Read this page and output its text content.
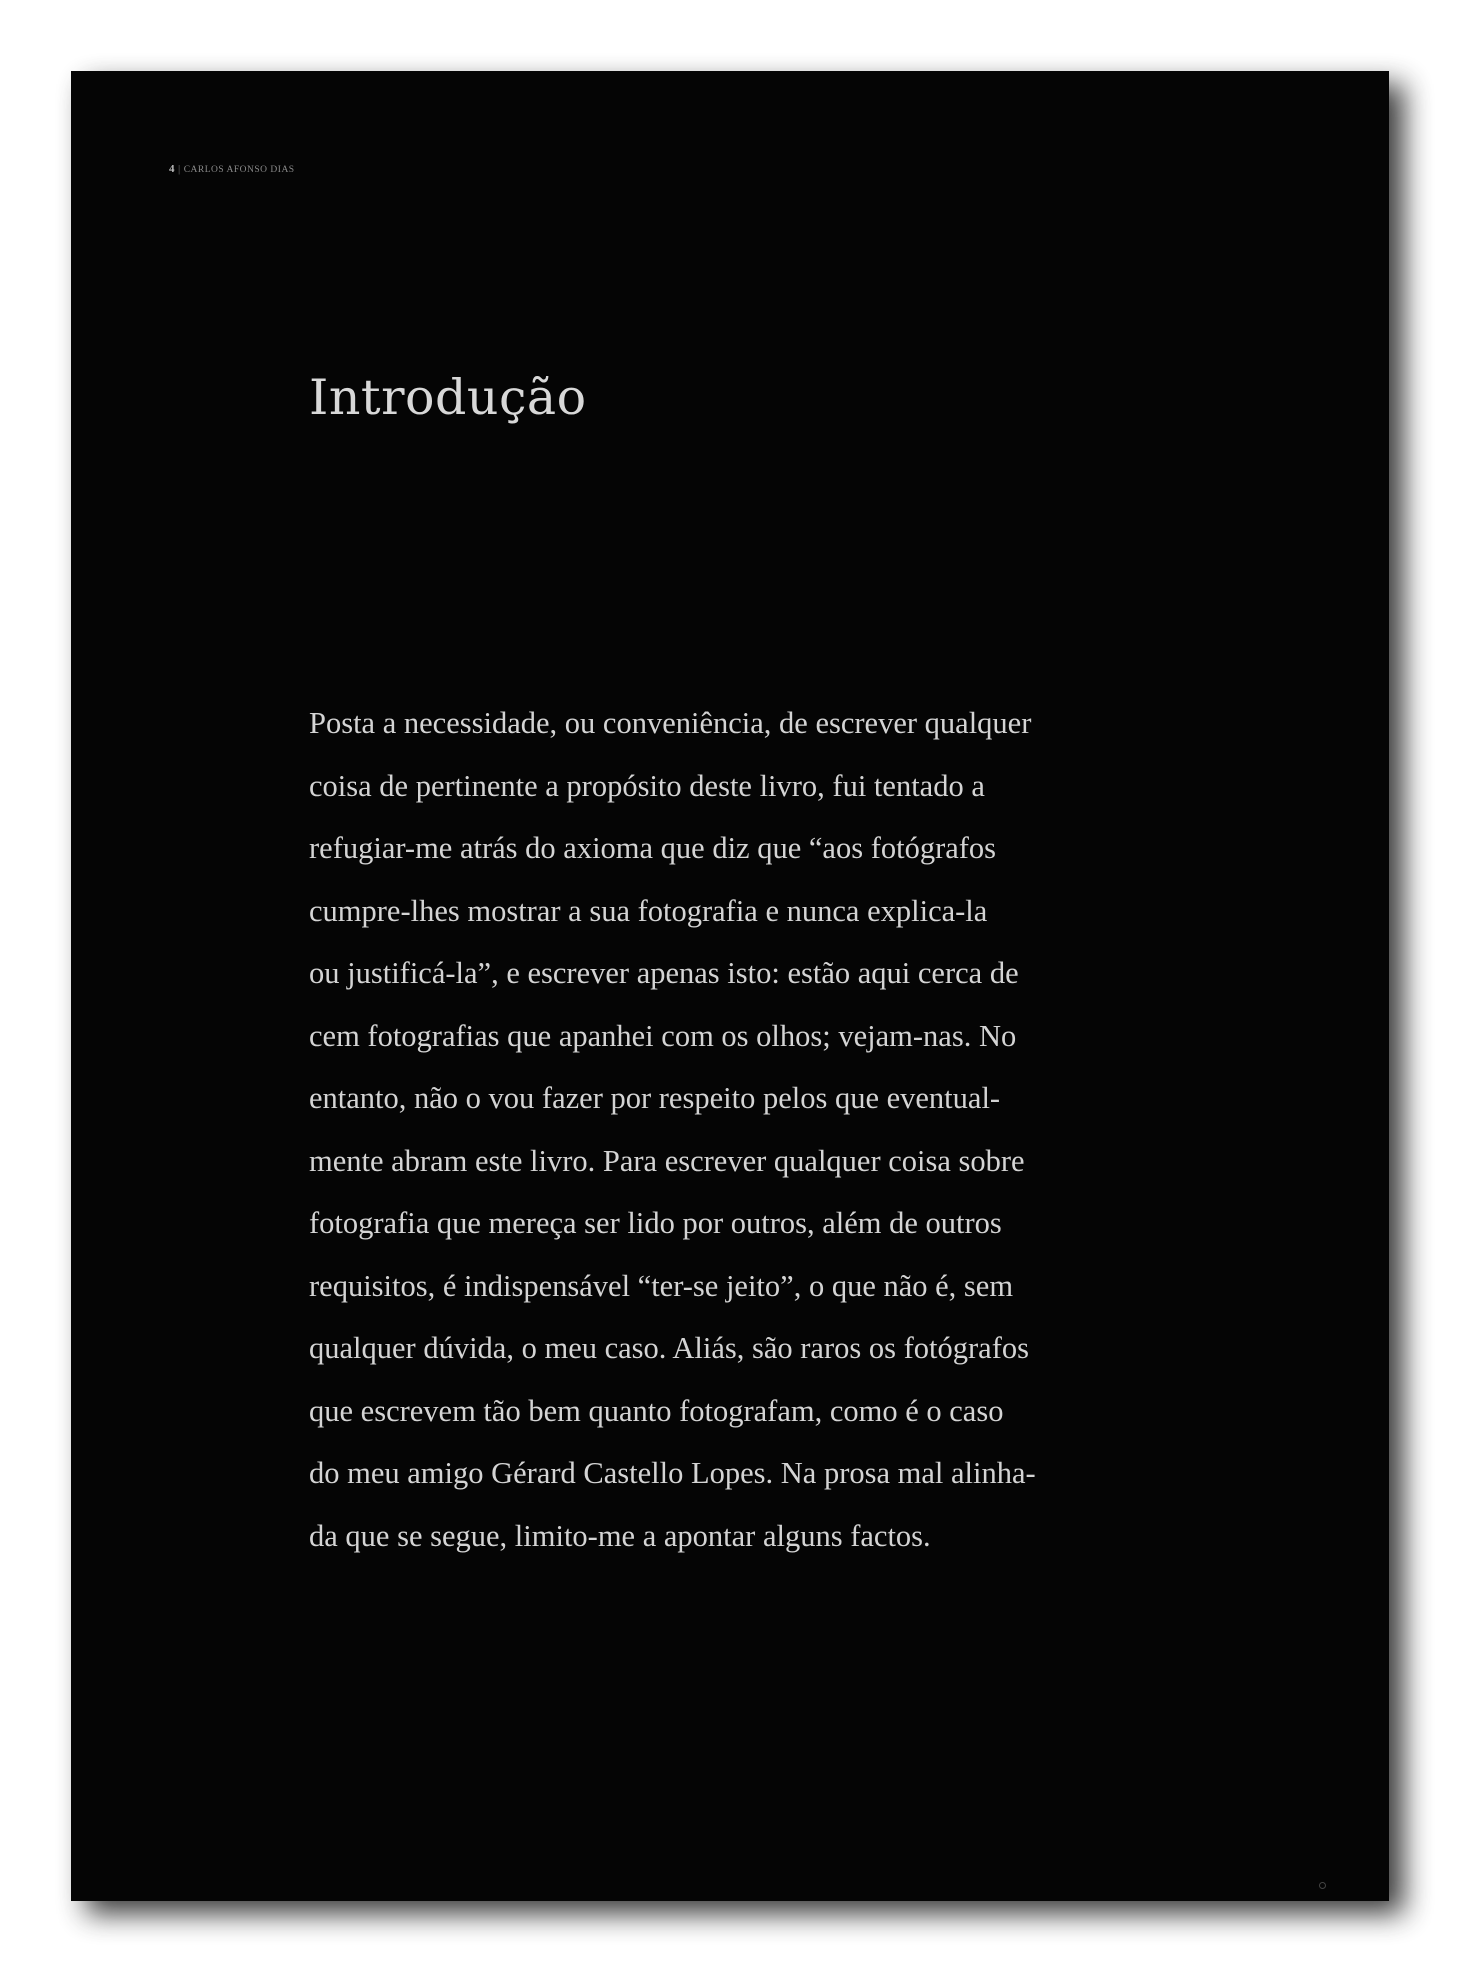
4 | CARLOS AFONSO DIAS
Introdução
Posta a necessidade, ou conveniência, de escrever qualquer
coisa de pertinente a propósito deste livro, fui tentado a
refugiar-me atrás do axioma que diz que “aos fotógrafos
cumpre-lhes mostrar a sua fotografia e nunca explica-la
ou justificá-la”, e escrever apenas isto: estão aqui cerca de
cem fotografias que apanhei com os olhos; vejam-nas. No
entanto, não o vou fazer por respeito pelos que eventual-
mente abram este livro. Para escrever qualquer coisa sobre
fotografia que mereça ser lido por outros, além de outros
requisitos, é indispensável “ter-se jeito”, o que não é, sem
qualquer dúvida, o meu caso. Aliás, são raros os fotógrafos
que escrevem tão bem quanto fotografam, como é o caso
do meu amigo Gérard Castello Lopes. Na prosa mal alinha-
da que se segue, limito-me a apontar alguns factos.
